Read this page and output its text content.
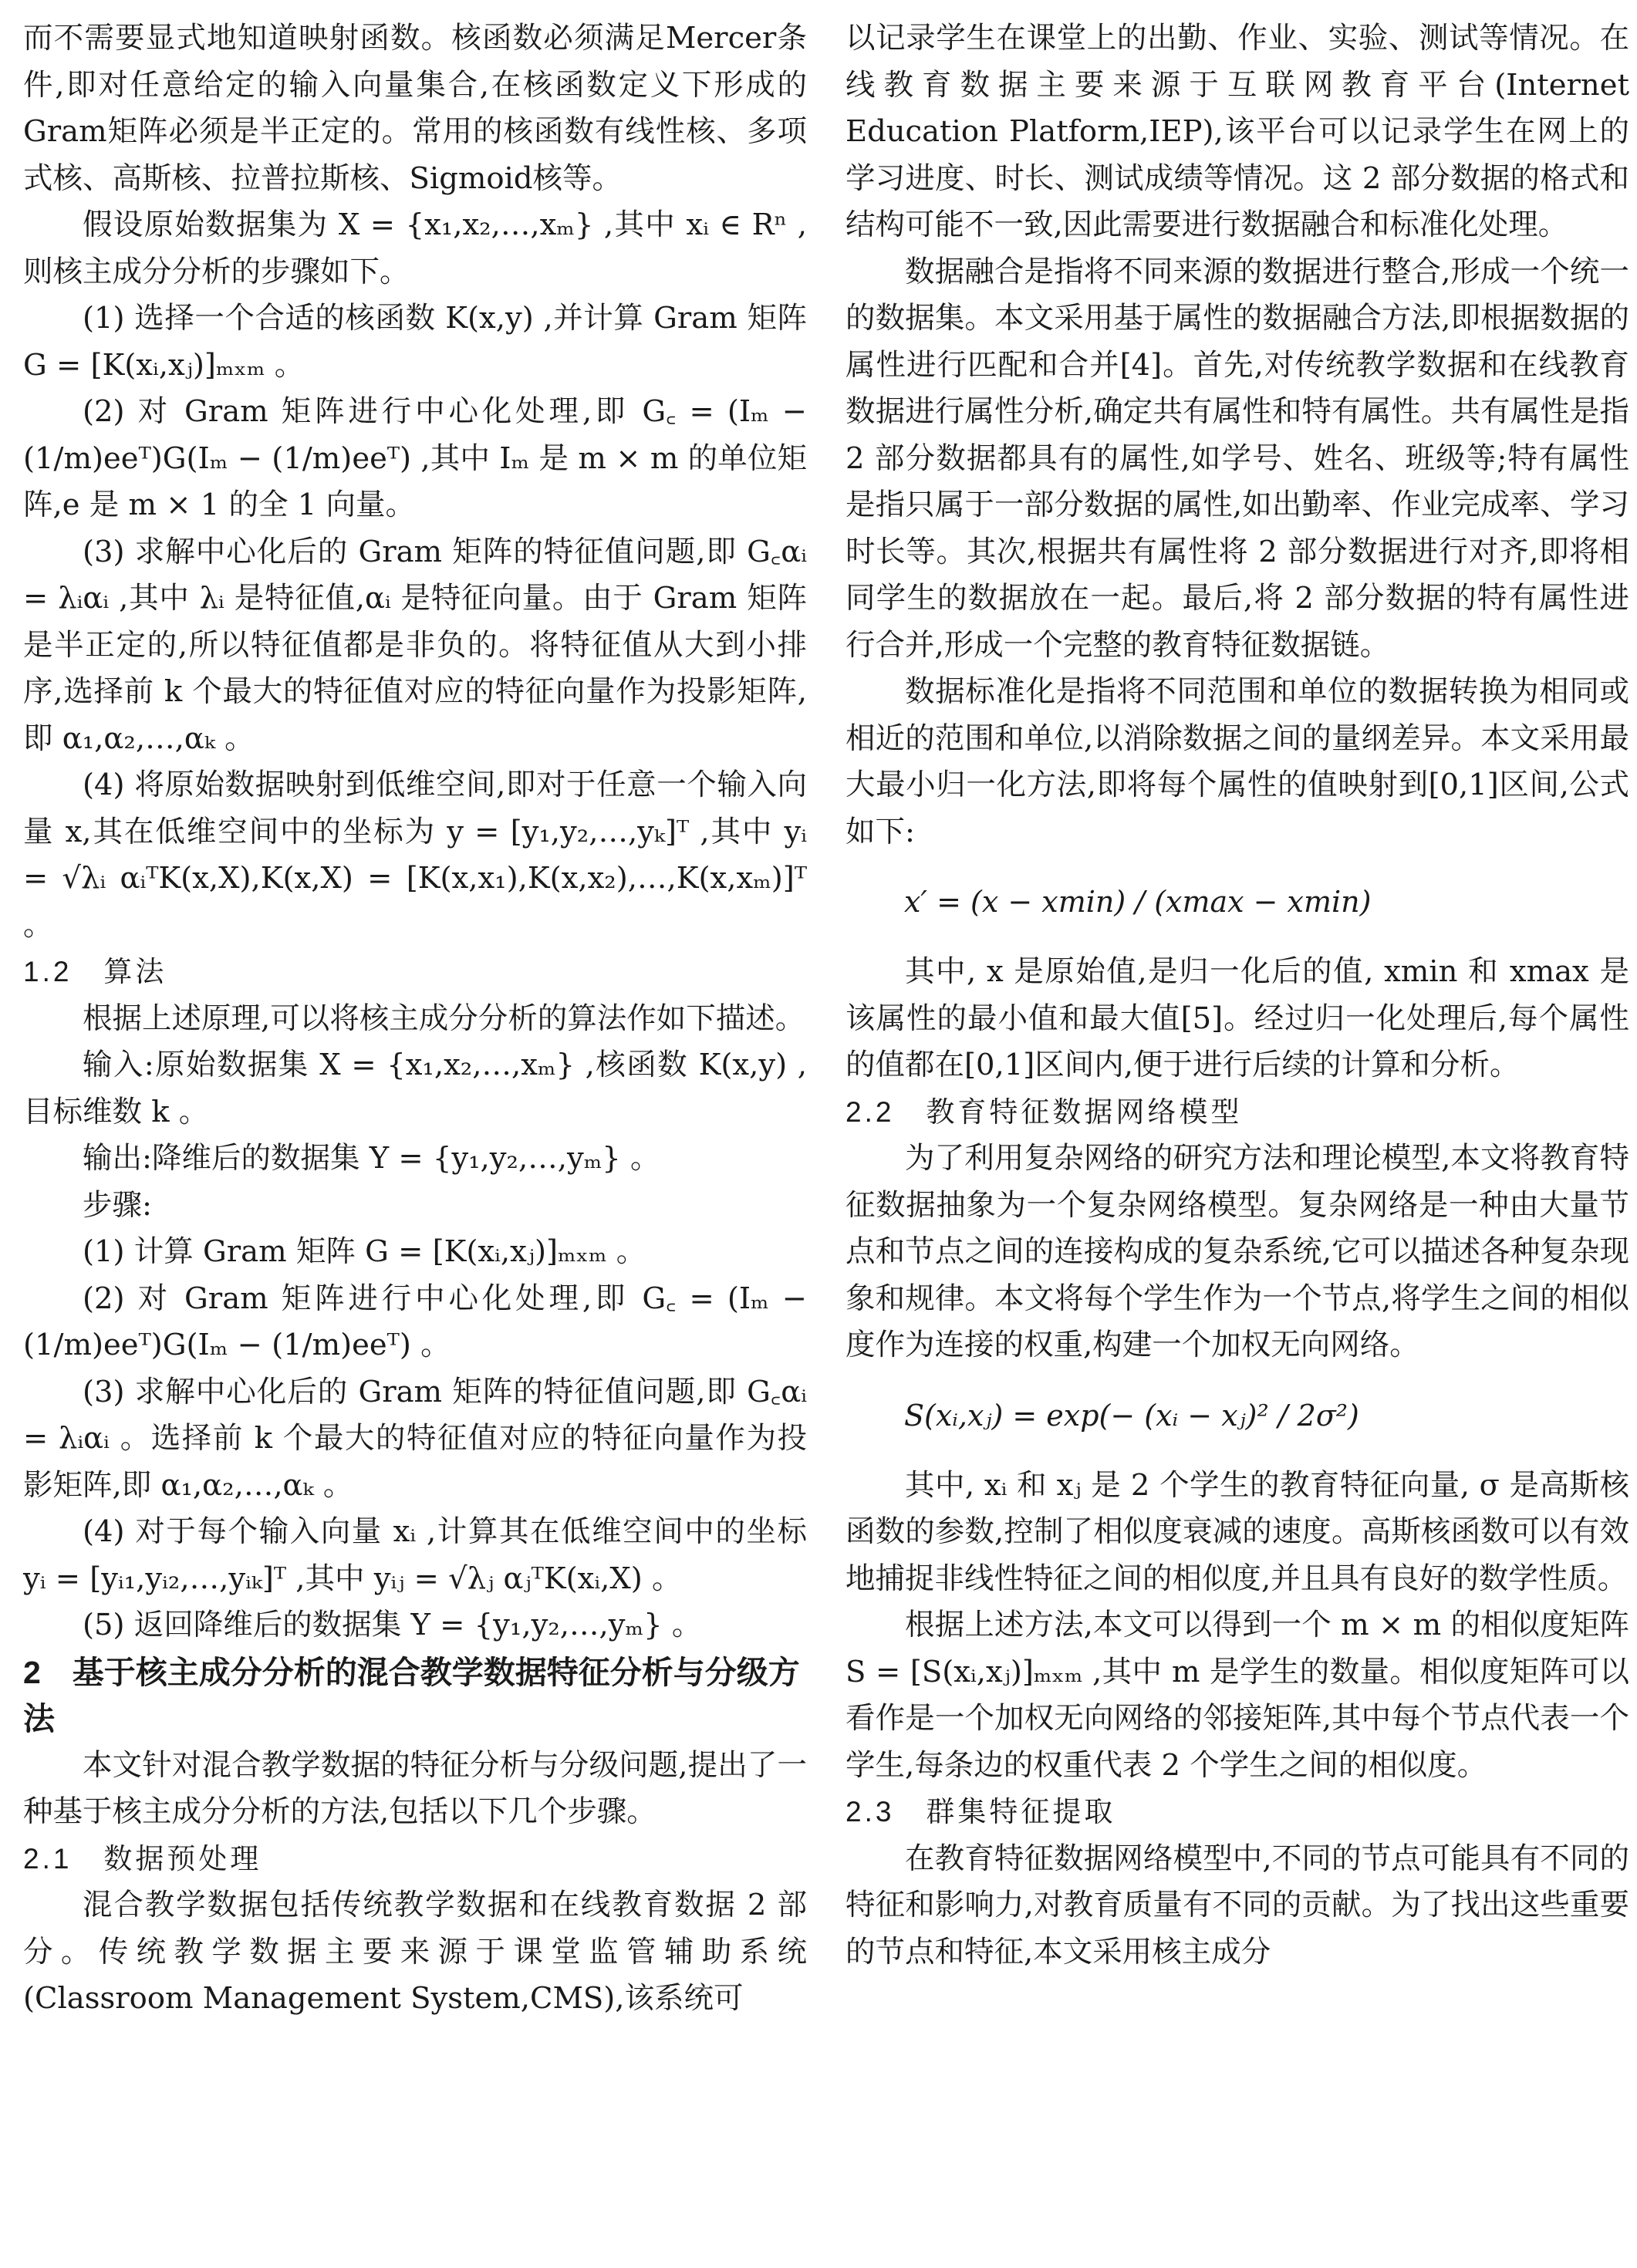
而不需要显式地知道映射函数。核函数必须满足Mercer条件,即对任意给定的输入向量集合,在核函数定义下形成的Gram矩阵必须是半正定的。常用的核函数有线性核、多项式核、高斯核、拉普拉斯核、Sigmoid核等。

假设原始数据集为 X = {x₁,x₂,…,xₘ} ,其中 xᵢ ∈ Rⁿ ,则核主成分分析的步骤如下。

(1) 选择一个合适的核函数 K(x,y) ,并计算 Gram 矩阵 G = [K(xᵢ,xⱼ)]ₘₓₘ 。

(2) 对 Gram 矩阵进行中心化处理,即 G꜀ = (Iₘ − (1/m)eeᵀ)G(Iₘ − (1/m)eeᵀ) ,其中 Iₘ 是 m × m 的单位矩阵,e 是 m × 1 的全 1 向量。

(3) 求解中心化后的 Gram 矩阵的特征值问题,即 G꜀αᵢ = λᵢαᵢ ,其中 λᵢ 是特征值,αᵢ 是特征向量。由于 Gram 矩阵是半正定的,所以特征值都是非负的。将特征值从大到小排序,选择前 k 个最大的特征值对应的特征向量作为投影矩阵,即 α₁,α₂,…,αₖ 。

(4) 将原始数据映射到低维空间,即对于任意一个输入向量 x,其在低维空间中的坐标为 y = [y₁,y₂,…,yₖ]ᵀ ,其中 yᵢ = √λᵢ αᵢᵀK(x,X),K(x,X) = [K(x,x₁),K(x,x₂),…,K(x,xₘ)]ᵀ 。

1.2　算法

根据上述原理,可以将核主成分分析的算法作如下描述。

输入:原始数据集 X = {x₁,x₂,…,xₘ} ,核函数 K(x,y) ,目标维数 k 。

输出:降维后的数据集 Y = {y₁,y₂,…,yₘ} 。

步骤:

(1) 计算 Gram 矩阵 G = [K(xᵢ,xⱼ)]ₘₓₘ 。

(2) 对 Gram 矩阵进行中心化处理,即 G꜀ = (Iₘ − (1/m)eeᵀ)G(Iₘ − (1/m)eeᵀ) 。

(3) 求解中心化后的 Gram 矩阵的特征值问题,即 G꜀αᵢ = λᵢαᵢ 。选择前 k 个最大的特征值对应的特征向量作为投影矩阵,即 α₁,α₂,…,αₖ 。

(4) 对于每个输入向量 xᵢ ,计算其在低维空间中的坐标 yᵢ = [yᵢ₁,yᵢ₂,…,yᵢₖ]ᵀ ,其中 yᵢⱼ = √λⱼ αⱼᵀK(xᵢ,X) 。

(5) 返回降维后的数据集 Y = {y₁,y₂,…,yₘ} 。

2　基于核主成分分析的混合教学数据特征分析与分级方法

本文针对混合教学数据的特征分析与分级问题,提出了一种基于核主成分分析的方法,包括以下几个步骤。

2.1　数据预处理

混合教学数据包括传统教学数据和在线教育数据 2 部分。传统教学数据主要来源于课堂监管辅助系统(Classroom Management System,CMS),该系统可

以记录学生在课堂上的出勤、作业、实验、测试等情况。在线教育数据主要来源于互联网教育平台(Internet Education Platform,IEP),该平台可以记录学生在网上的学习进度、时长、测试成绩等情况。这 2 部分数据的格式和结构可能不一致,因此需要进行数据融合和标准化处理。

数据融合是指将不同来源的数据进行整合,形成一个统一的数据集。本文采用基于属性的数据融合方法,即根据数据的属性进行匹配和合并[4]。首先,对传统教学数据和在线教育数据进行属性分析,确定共有属性和特有属性。共有属性是指 2 部分数据都具有的属性,如学号、姓名、班级等;特有属性是指只属于一部分数据的属性,如出勤率、作业完成率、学习时长等。其次,根据共有属性将 2 部分数据进行对齐,即将相同学生的数据放在一起。最后,将 2 部分数据的特有属性进行合并,形成一个完整的教育特征数据链。

数据标准化是指将不同范围和单位的数据转换为相同或相近的范围和单位,以消除数据之间的量纲差异。本文采用最大最小归一化方法,即将每个属性的值映射到[0,1]区间,公式如下:

x′ = (x − xmin) / (xmax − xmin)

其中, x 是原始值,是归一化后的值, xmin 和 xmax 是该属性的最小值和最大值[5]。经过归一化处理后,每个属性的值都在[0,1]区间内,便于进行后续的计算和分析。

2.2　教育特征数据网络模型

为了利用复杂网络的研究方法和理论模型,本文将教育特征数据抽象为一个复杂网络模型。复杂网络是一种由大量节点和节点之间的连接构成的复杂系统,它可以描述各种复杂现象和规律。本文将每个学生作为一个节点,将学生之间的相似度作为连接的权重,构建一个加权无向网络。

S(xᵢ,xⱼ) = exp(− (xᵢ − xⱼ)² / 2σ²)

其中, xᵢ 和 xⱼ 是 2 个学生的教育特征向量, σ 是高斯核函数的参数,控制了相似度衰减的速度。高斯核函数可以有效地捕捉非线性特征之间的相似度,并且具有良好的数学性质。

根据上述方法,本文可以得到一个 m × m 的相似度矩阵 S = [S(xᵢ,xⱼ)]ₘₓₘ ,其中 m 是学生的数量。相似度矩阵可以看作是一个加权无向网络的邻接矩阵,其中每个节点代表一个学生,每条边的权重代表 2 个学生之间的相似度。

2.3　群集特征提取

在教育特征数据网络模型中,不同的节点可能具有不同的特征和影响力,对教育质量有不同的贡献。为了找出这些重要的节点和特征,本文采用核主成分
